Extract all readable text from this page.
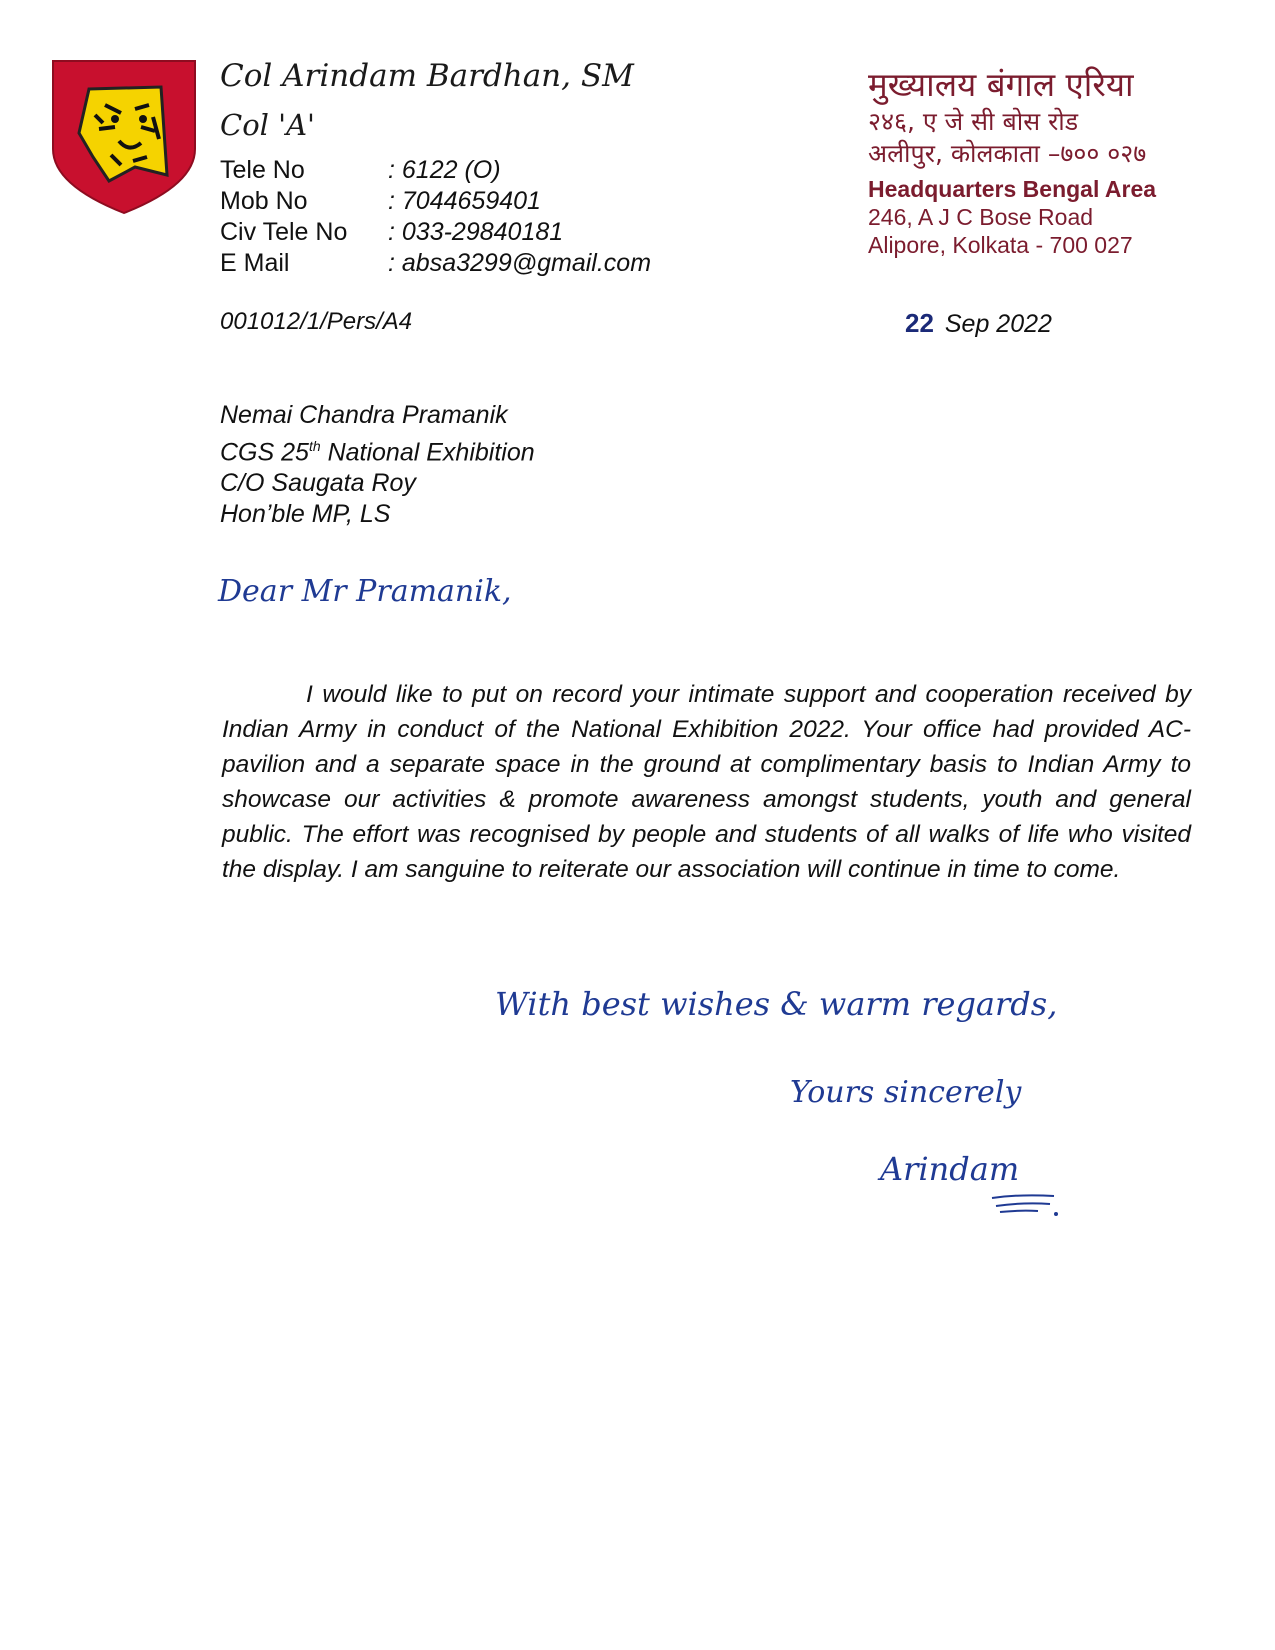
Col Arindam Bardhan, SM
Col 'A'
Tele No	: 6122 (O)
Mob No	: 7044659401
Civ Tele No	: 033-29840181
E Mail	: absa3299@gmail.com
मुख्यालय बंगाल एरिया
२४६, ए जे सी बोस रोड
अलीपुर, कोलकाता –७०० ०२७
Headquarters Bengal Area
246, A J C Bose Road
Alipore, Kolkata - 700 027
001012/1/Pers/A4	22 Sep 2022
Nemai Chandra Pramanik
CGS 25th National Exhibition
C/O Saugata Roy
Hon’ble MP, LS
Dear Mr Pramanik,
I would like to put on record your intimate support and cooperation received by Indian Army in conduct of the National Exhibition 2022. Your office had provided AC-pavilion and a separate space in the ground at complimentary basis to Indian Army to showcase our activities & promote awareness amongst students, youth and general public. The effort was recognised by people and students of all walks of life who visited the display. I am sanguine to reiterate our association will continue in time to come.
With best wishes & warm regards,
Yours sincerely
Arindam
